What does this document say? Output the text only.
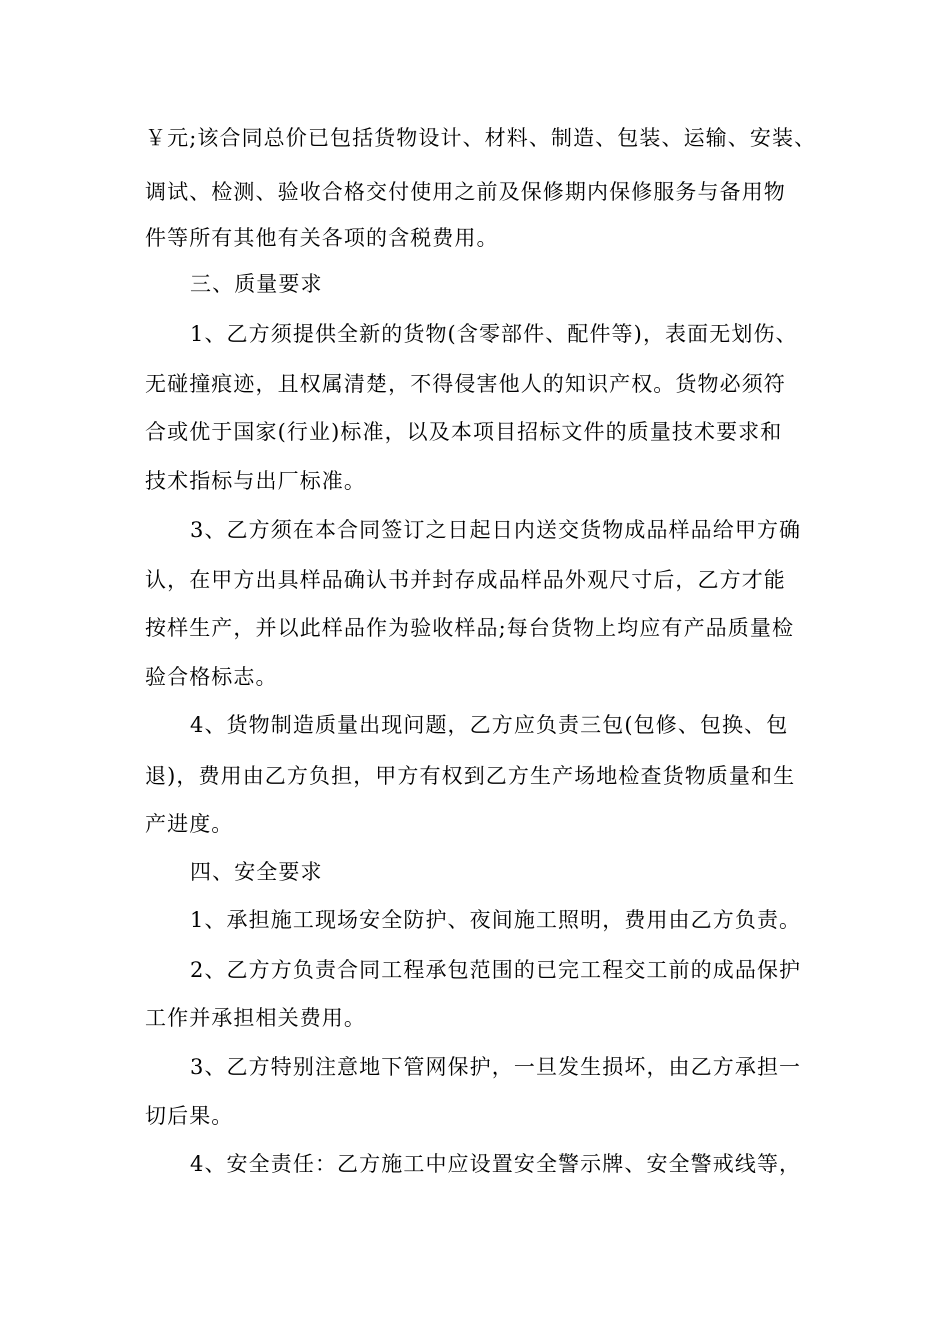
￥元;该合同总价已包括货物设计、材料、制造、包装、运输、安装、
调试、检测、验收合格交付使用之前及保修期内保修服务与备用物
件等所有其他有关各项的含税费用。
三、质量要求
1、乙方须提供全新的货物(含零部件、配件等)，表面无划伤、
无碰撞痕迹，且权属清楚，不得侵害他人的知识产权。货物必须符
合或优于国家(行业)标准，以及本项目招标文件的质量技术要求和
技术指标与出厂标准。
3、乙方须在本合同签订之日起日内送交货物成品样品给甲方确
认，在甲方出具样品确认书并封存成品样品外观尺寸后，乙方才能
按样生产，并以此样品作为验收样品;每台货物上均应有产品质量检
验合格标志。
4、货物制造质量出现问题，乙方应负责三包(包修、包换、包
退)，费用由乙方负担，甲方有权到乙方生产场地检查货物质量和生
产进度。
四、安全要求
1、承担施工现场安全防护、夜间施工照明，费用由乙方负责。
2、乙方方负责合同工程承包范围的已完工程交工前的成品保护
工作并承担相关费用。
3、乙方特别注意地下管网保护，一旦发生损坏，由乙方承担一
切后果。
4、安全责任：乙方施工中应设置安全警示牌、安全警戒线等，
